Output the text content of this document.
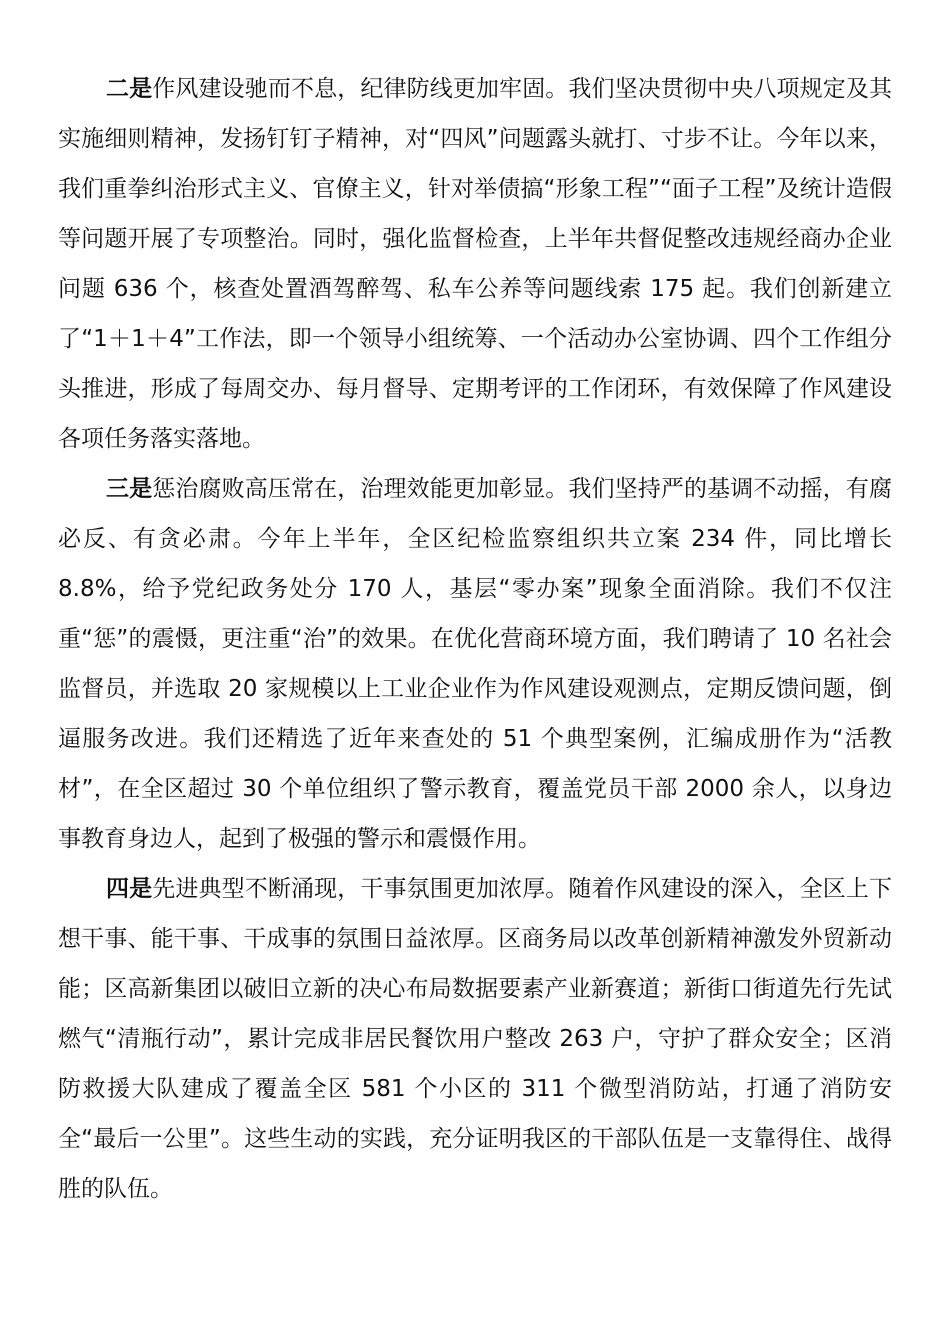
二是作风建设驰而不息，纪律防线更加牢固。我们坚决贯彻中央八项规定及其实施细则精神，发扬钉钉子精神，对“四风”问题露头就打、寸步不让。今年以来，我们重拳纠治形式主义、官僚主义，针对举债搞“形象工程”“面子工程”及统计造假等问题开展了专项整治。同时，强化监督检查，上半年共督促整改违规经商办企业问题 636 个，核查处置酒驾醉驾、私车公养等问题线索 175 起。我们创新建立了“1＋1＋4”工作法，即一个领导小组统筹、一个活动办公室协调、四个工作组分头推进，形成了每周交办、每月督导、定期考评的工作闭环，有效保障了作风建设各项任务落实落地。

三是惩治腐败高压常在，治理效能更加彰显。我们坚持严的基调不动摇，有腐必反、有贪必肃。今年上半年，全区纪检监察组织共立案 234 件，同比增长 8.8%，给予党纪政务处分 170 人，基层“零办案”现象全面消除。我们不仅注重“惩”的震慑，更注重“治”的效果。在优化营商环境方面，我们聘请了 10 名社会监督员，并选取 20 家规模以上工业企业作为作风建设观测点，定期反馈问题，倒逼服务改进。我们还精选了近年来查处的 51 个典型案例，汇编成册作为“活教材”，在全区超过 30 个单位组织了警示教育，覆盖党员干部 2000 余人，以身边事教育身边人，起到了极强的警示和震慑作用。

四是先进典型不断涌现，干事氛围更加浓厚。随着作风建设的深入，全区上下想干事、能干事、干成事的氛围日益浓厚。区商务局以改革创新精神激发外贸新动能；区高新集团以破旧立新的决心布局数据要素产业新赛道；新街口街道先行先试燃气“清瓶行动”，累计完成非居民餐饮用户整改 263 户，守护了群众安全；区消防救援大队建成了覆盖全区 581 个小区的 311 个微型消防站，打通了消防安全“最后一公里”。这些生动的实践，充分证明我区的干部队伍是一支靠得住、战得胜的队伍。
